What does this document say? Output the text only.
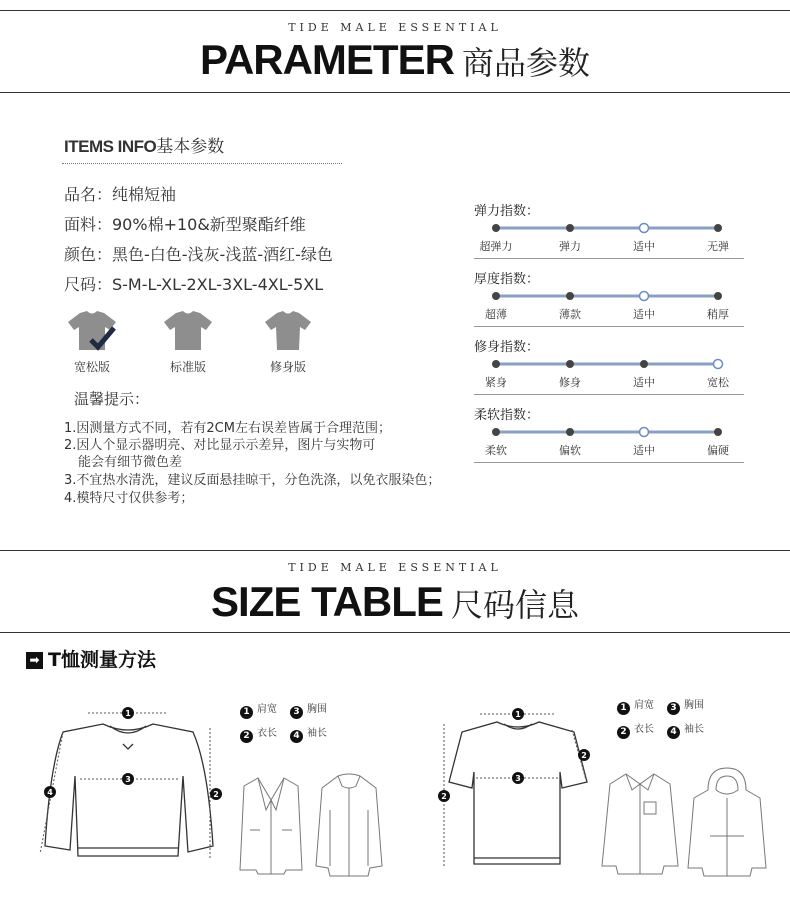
TIDE MALE ESSENTIAL
PARAMETER 商品参数
ITEMS INFO基本参数
品名：纯棉短袖
面料：90%棉+10&新型聚酯纤维
颜色：黑色-白色-浅灰-浅蓝-酒红-绿色
尺码：S-M-L-XL-2XL-3XL-4XL-5XL
宽松版	标准版	修身版
温馨提示：
1.因测量方式不同，若有2CM左右误差皆属于合理范围；
2.因人个显示器明亮、对比显示示差异，图片与实物可
能会有细节微色差
3.不宜热水清洗，建议反面悬挂晾干，分色洗涤，以免衣服染色；
4.模特尺寸仅供参考；
弹力指数：
超弹力	弹力	适中	无弹
厚度指数：
超薄	薄款	适中	稍厚
修身指数：
紧身	修身	适中	宽松
柔软指数：
柔软	偏软	适中	偏硬
TIDE MALE ESSENTIAL
SIZE TABLE 尺码信息
➡ T恤测量方法
1 肩宽 3 胸围
2 衣长 4 袖长
1 肩宽 3 胸围
2 衣长 4 袖长
1
3
4	2
1
2
3
2
